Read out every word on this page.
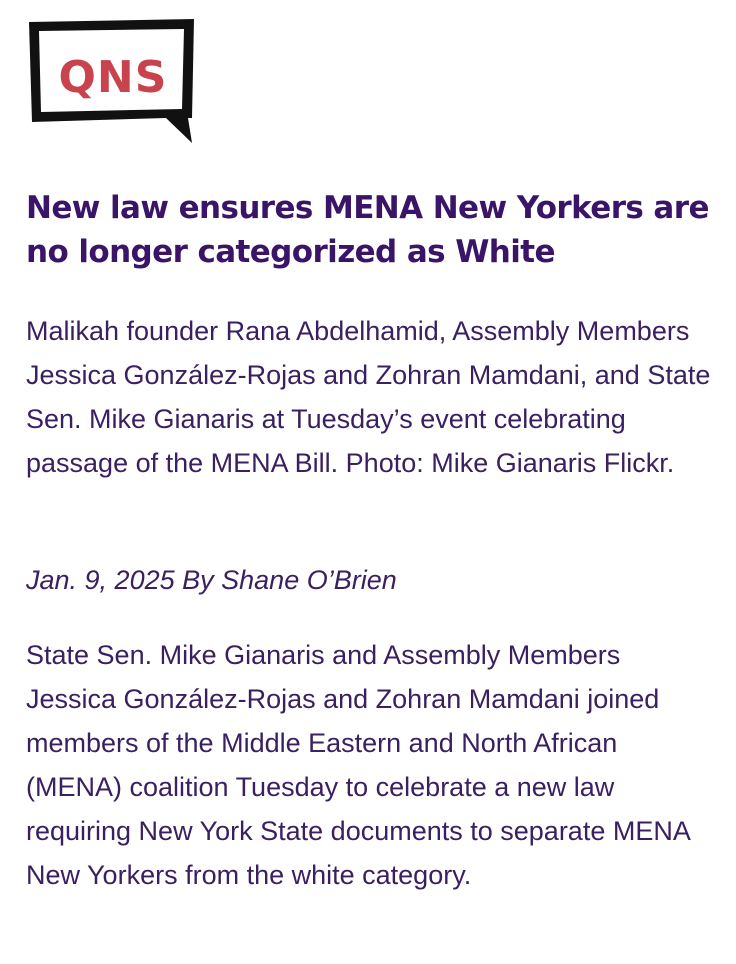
QNS
New law ensures MENA New Yorkers are no longer categorized as White

Malikah founder Rana Abdelhamid, Assembly Members Jessica González-Rojas and Zohran Mamdani, and State Sen. Mike Gianaris at Tuesday’s event celebrating passage of the MENA Bill. Photo: Mike Gianaris Flickr.

Jan. 9, 2025 By Shane O’Brien

State Sen. Mike Gianaris and Assembly Members Jessica González-Rojas and Zohran Mamdani joined members of the Middle Eastern and North African (MENA) coalition Tuesday to celebrate a new law requiring New York State documents to separate MENA New Yorkers from the white category.
